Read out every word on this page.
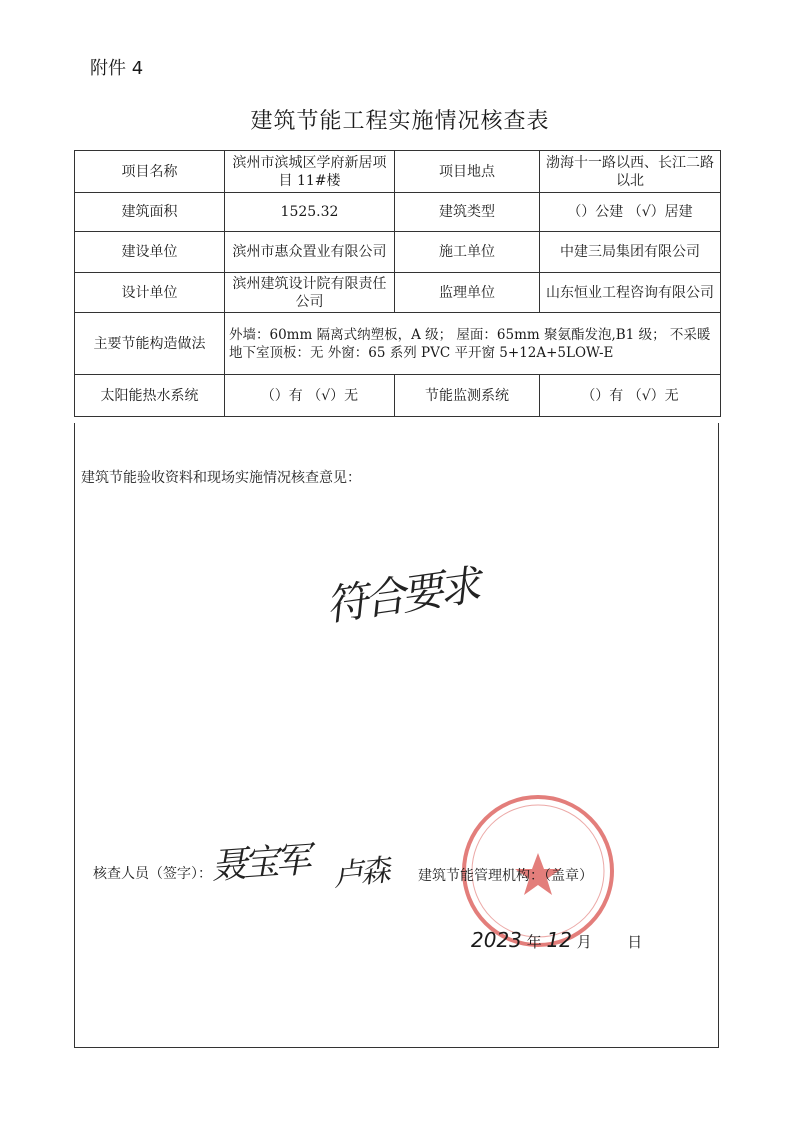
附件 4
建筑节能工程实施情况核查表
项目名称	滨州市滨城区学府新居项目 11#楼	项目地点	渤海十一路以西、长江二路以北
建筑面积	1525.32	建筑类型	（）公建 （√）居建
建设单位	滨州市惠众置业有限公司	施工单位	中建三局集团有限公司
设计单位	滨州建筑设计院有限责任公司	监理单位	山东恒业工程咨询有限公司
主要节能构造做法	外墙：60mm 隔离式纳塑板，A 级； 屋面：65mm 聚氨酯发泡,B1 级； 不采暖地下室顶板：无 外窗：65 系列 PVC 平开窗 5+12A+5LOW-E		
太阳能热水系统	（）有 （√）无	节能监测系统	（）有 （√）无
建筑节能验收资料和现场实施情况核查意见：
符合要求
核查人员（签字）：
聂宝军 卢森 建筑节能管理机构：（盖章）
2023 年 12 月 日
